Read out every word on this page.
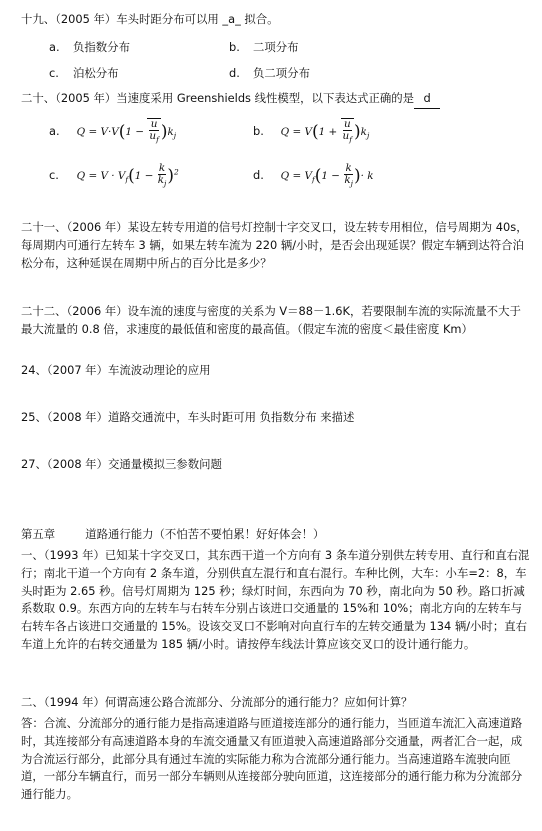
十九、（2005 年）车头时距分布可以用 _a_ 拟合。
a. 负指数分布	b. 二项分布
c. 泊松分布	d. 负二项分布
二十、（2005 年）当速度采用 Greenshields 线性模型，以下表达式正确的是 d
a. $Q = V\cdot V(1 - \frac{u}{u_f} )k_j$	b. $Q = V(1 + \frac{u}{u_f} )k_j$
c. $Q = V \cdot V_f(1 - \frac{k}{k_j} )^2$	d. $Q = V_f(1 - \frac{k}{k_j}$ )· k
二十一、（2006 年）某设左转专用道的信号灯控制十字交叉口，设左转专用相位，信号周期为 40s，每周期内可通行左转车 3 辆，如果左转车流为 220 辆/小时，是否会出现延误？假定车辆到达符合泊松分布，这种延误在周期中所占的百分比是多少？
二十二、（2006 年）设车流的速度与密度的关系为 V＝88－1.6K，若要限制车流的实际流量不大于最大流量的 0.8 倍，求速度的最低值和密度的最高值。（假定车流的密度＜最佳密度 Km）
24、（2007 年）车流波动理论的应用
25、（2008 年）道路交通流中，车头时距可用 负指数分布 来描述
27、（2008 年）交通量模拟三参数问题
第五章	道路通行能力（不怕苦不要怕累！好好体会！）
一、（1993 年）已知某十字交叉口，其东西干道一个方向有 3 条车道分别供左转专用、直行和直右混行；南北干道一个方向有 2 条车道，分别供直左混行和直右混行。车种比例，大车：小车=2：8，车头时距为 2.65 秒。信号灯周期为 125 秒；绿灯时间，东西向为 70 秒，南北向为 50 秒。路口折减系数取 0.9。东西方向的左转车与右转车分别占该进口交通量的 15%和 10%；南北方向的左转车与右转车各占该进口交通量的 15%。设该交叉口不影响对向直行车的左转交通量为 134 辆/小时；直右车道上允许的右转交通量为 185 辆/小时。请按停车线法计算应该交叉口的设计通行能力。
二、（1994 年）何谓高速公路合流部分、分流部分的通行能力？应如何计算？
答：合流、分流部分的通行能力是指高速道路与匝道接连部分的通行能力，当匝道车流汇入高速道路时，其连接部分有高速道路本身的车流交通量又有匝道驶入高速道路部分交通量，两者汇合一起，成为合流运行部分，此部分具有通过车流的实际能力称为合流部分通行能力。当高速道路车流驶向匝道，一部分车辆直行，而另一部分车辆则从连接部分驶向匝道，这连接部分的通行能力称为分流部分通行能力。
